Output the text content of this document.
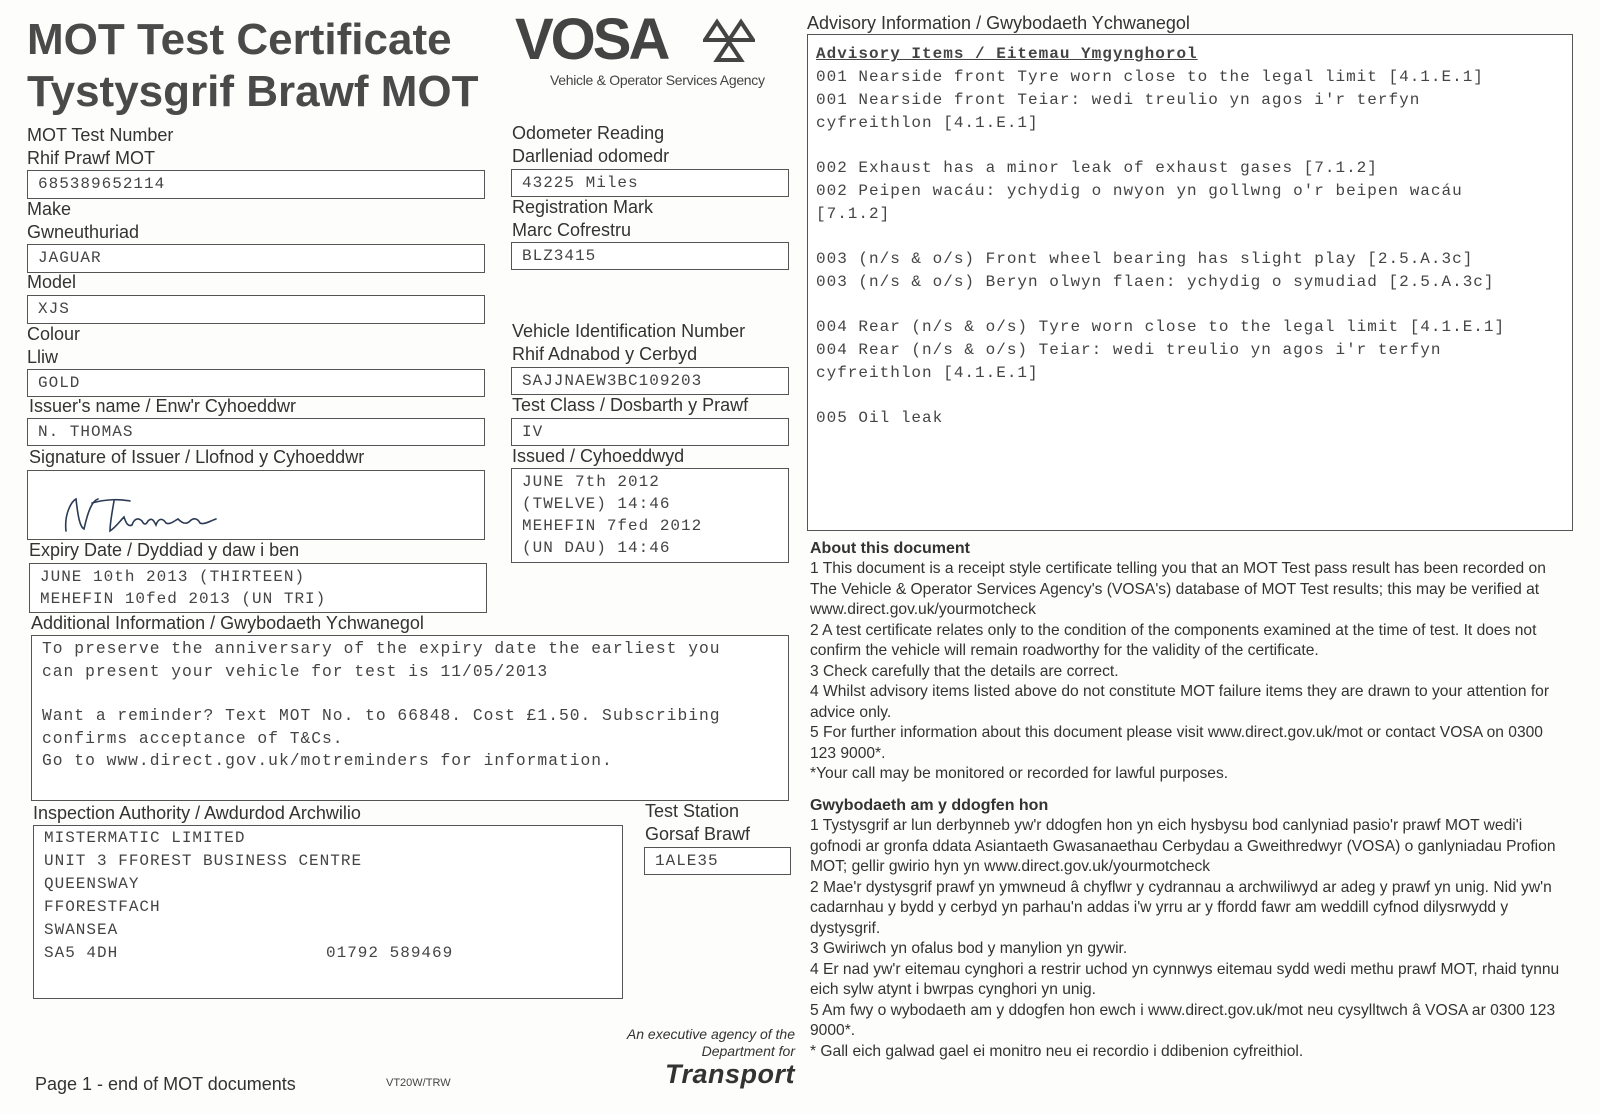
MOT Test Certificate
Tystysgrif Brawf MOT
VOSA
Vehicle & Operator Services Agency
MOT Test Number
Rhif Prawf MOT
685389652114
Make
Gwneuthuriad
JAGUAR
Model
XJS
Colour
Lliw
GOLD
Issuer's name / Enw'r Cyhoeddwr
N. THOMAS
Signature of Issuer / Llofnod y Cyhoeddwr

Expiry Date / Dyddiad y daw i ben
JUNE 10th 2013 (THIRTEEN)
MEHEFIN 10fed 2013 (UN TRI)
Odometer Reading
Darlleniad odomedr
43225 Miles
Registration Mark
Marc Cofrestru
BLZ3415
Vehicle Identification Number
Rhif Adnabod y Cerbyd
SAJJNAEW3BC109203
Test Class / Dosbarth y Prawf
IV
Issued / Cyhoeddwyd
JUNE 7th 2012
(TWELVE) 14:46
MEHEFIN 7fed 2012
(UN DAU) 14:46
Additional Information / Gwybodaeth Ychwanegol
To preserve the anniversary of the expiry date the earliest you
can present your vehicle for test is 11/05/2013
Want a reminder? Text MOT No. to 66848. Cost £1.50. Subscribing
confirms acceptance of T&Cs.
Go to www.direct.gov.uk/motreminders for information.
Inspection Authority / Awdurdod Archwilio
MISTERMATIC LIMITED
UNIT 3 FFOREST BUSINESS CENTRE
QUEENSWAY
FFORESTFACH
SWANSEA
SA5 4DH	01792 589469
Test Station
Gorsaf Brawf
1ALE35
An executive agency of the
Department for
Transport
Page 1 - end of MOT documents	VT20W/TRW
Advisory Information / Gwybodaeth Ychwanegol
Advisory Items / Eitemau Ymgynghorol
001 Nearside front Tyre worn close to the legal limit [4.1.E.1]
001 Nearside front Teiar: wedi treulio yn agos i'r terfyn
cyfreithlon [4.1.E.1]
002 Exhaust has a minor leak of exhaust gases [7.1.2]
002 Peipen wacáu: ychydig o nwyon yn gollwng o'r beipen wacáu
[7.1.2]
003 (n/s & o/s) Front wheel bearing has slight play [2.5.A.3c]
003 (n/s & o/s) Beryn olwyn flaen: ychydig o symudiad [2.5.A.3c]
004 Rear (n/s & o/s) Tyre worn close to the legal limit [4.1.E.1]
004 Rear (n/s & o/s) Teiar: wedi treulio yn agos i'r terfyn
cyfreithlon [4.1.E.1]
005 Oil leak
About this document

1 This document is a receipt style certificate telling you that an MOT Test pass result has been recorded on The Vehicle & Operator Services Agency's (VOSA's) database of MOT Test results; this may be verified at www.direct.gov.uk/yourmotcheck

2 A test certificate relates only to the condition of the components examined at the time of test. It does not confirm the vehicle will remain roadworthy for the validity of the certificate.

3 Check carefully that the details are correct.

4 Whilst advisory items listed above do not constitute MOT failure items they are drawn to your attention for advice only.

5 For further information about this document please visit www.direct.gov.uk/mot or contact VOSA on 0300 123 9000*.

*Your call may be monitored or recorded for lawful purposes.

Gwybodaeth am y ddogfen hon

1 Tystysgrif ar lun derbynneb yw'r ddogfen hon yn eich hysbysu bod canlyniad pasio'r prawf MOT wedi'i gofnodi ar gronfa ddata Asiantaeth Gwasanaethau Cerbydau a Gweithredwyr (VOSA) o ganlyniadau Profion MOT; gellir gwirio hyn yn www.direct.gov.uk/yourmotcheck

2 Mae'r dystysgrif prawf yn ymwneud â chyflwr y cydrannau a archwiliwyd ar adeg y prawf yn unig. Nid yw'n cadarnhau y bydd y cerbyd yn parhau'n addas i'w yrru ar y ffordd fawr am weddill cyfnod dilysrwydd y dystysgrif.

3 Gwiriwch yn ofalus bod y manylion yn gywir.

4 Er nad yw'r eitemau cynghori a restrir uchod yn cynnwys eitemau sydd wedi methu prawf MOT, rhaid tynnu eich sylw atynt i bwrpas cynghori yn unig.

5 Am fwy o wybodaeth am y ddogfen hon ewch i www.direct.gov.uk/mot neu cysylltwch â VOSA ar 0300 123 9000*.

* Gall eich galwad gael ei monitro neu ei recordio i ddibenion cyfreithiol.
